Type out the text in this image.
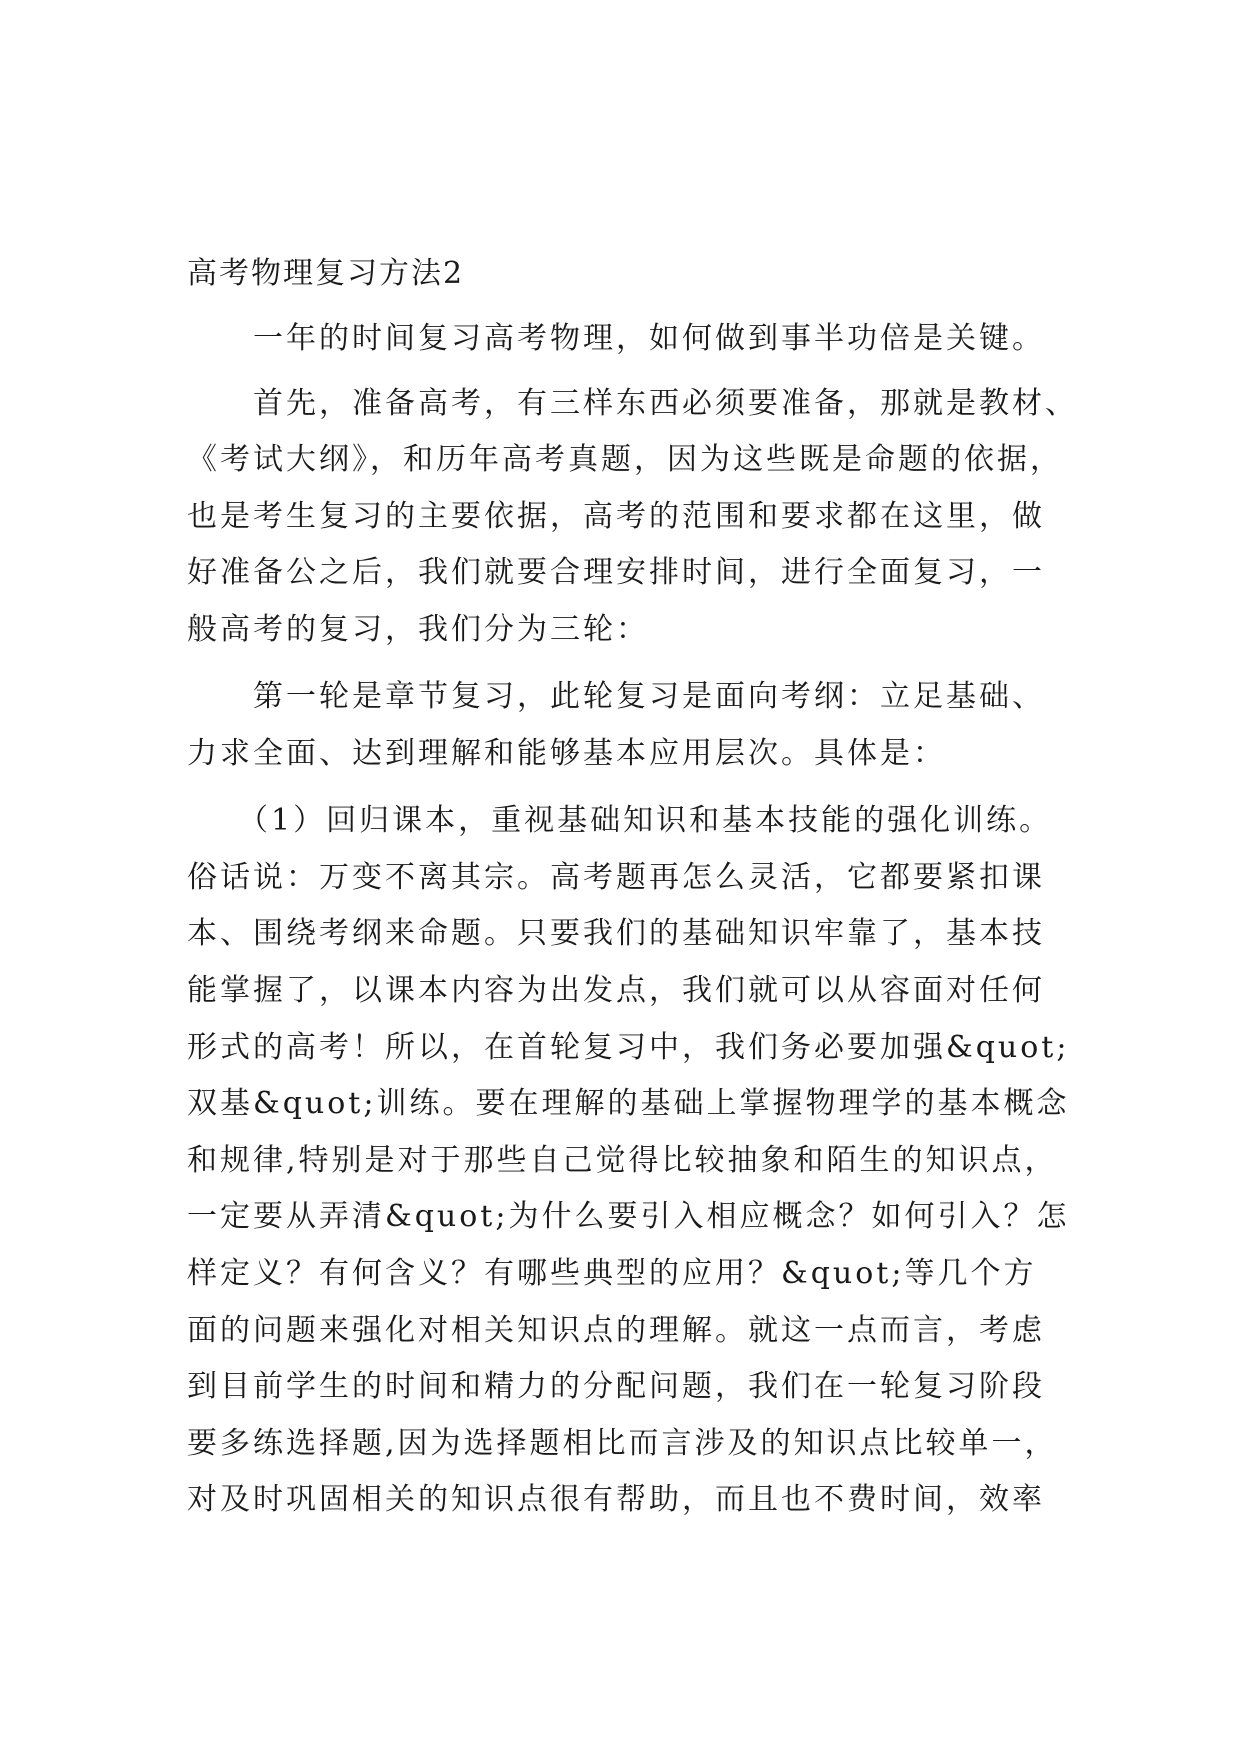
高考物理复习方法2
一年的时间复习高考物理，如何做到事半功倍是关键。
首先，准备高考，有三样东西必须要准备，那就是教材、
《考试大纲》，和历年高考真题，因为这些既是命题的依据，
也是考生复习的主要依据，高考的范围和要求都在这里，做
好准备公之后，我们就要合理安排时间，进行全面复习，一
般高考的复习，我们分为三轮：
第一轮是章节复习，此轮复习是面向考纲：立足基础、
力求全面、达到理解和能够基本应用层次。具体是：
（1）回归课本，重视基础知识和基本技能的强化训练。
俗话说：万变不离其宗。高考题再怎么灵活，它都要紧扣课
本、围绕考纲来命题。只要我们的基础知识牢靠了，基本技
能掌握了，以课本内容为出发点，我们就可以从容面对任何
形式的高考！所以，在首轮复习中，我们务必要加强&quot;
双基&quot;训练。要在理解的基础上掌握物理学的基本概念
和规律,特别是对于那些自己觉得比较抽象和陌生的知识点，
一定要从弄清&quot;为什么要引入相应概念？如何引入？怎
样定义？有何含义？有哪些典型的应用？&quot;等几个方
面的问题来强化对相关知识点的理解。就这一点而言，考虑
到目前学生的时间和精力的分配问题，我们在一轮复习阶段
要多练选择题,因为选择题相比而言涉及的知识点比较单一，
对及时巩固相关的知识点很有帮助，而且也不费时间，效率
